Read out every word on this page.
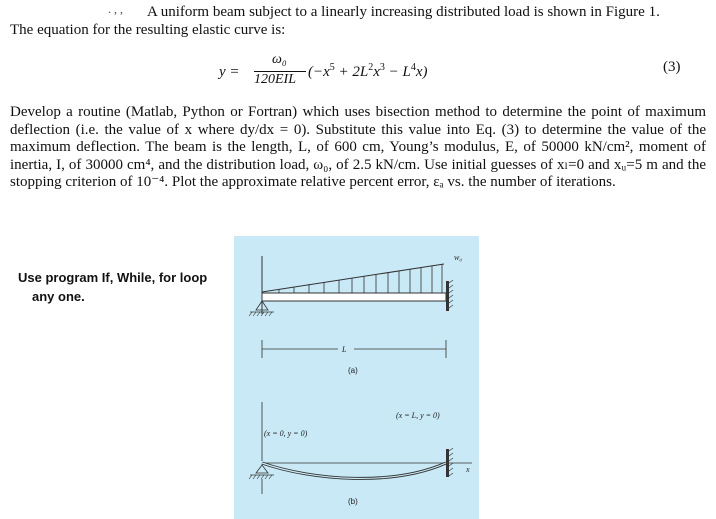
. , , A uniform beam subject to a linearly increasing distributed load is shown in Figure 1.
The equation for the resulting elastic curve is:
y =
ω₀
120EIL $(-x^5 + 2L^2x^3 - L^4x)$	(3)
Develop a routine (Matlab, Python or Fortran) which uses bisection method to determine the point of maximum deflection (i.e. the value of x where dy/dx = 0). Substitute this value into Eq. (3) to determine the value of the maximum deflection. The beam is the length, L, of 600 cm, Young’s modulus, E, of 50000 kN/cm², moment of inertia, I, of 30000 cm⁴, and the distribution load, ω₀, of 2.5 kN/cm. Use initial guesses of xₗ=0 and xᵤ=5 m and the stopping criterion of 10⁻⁴. Plot the approximate relative percent error, εₐ vs. the number of iterations.
Use program If, While, for loop
any one.
L
w₀
(a)
(x = 0, y = 0)
(x = L, y = 0)
x
(b)
